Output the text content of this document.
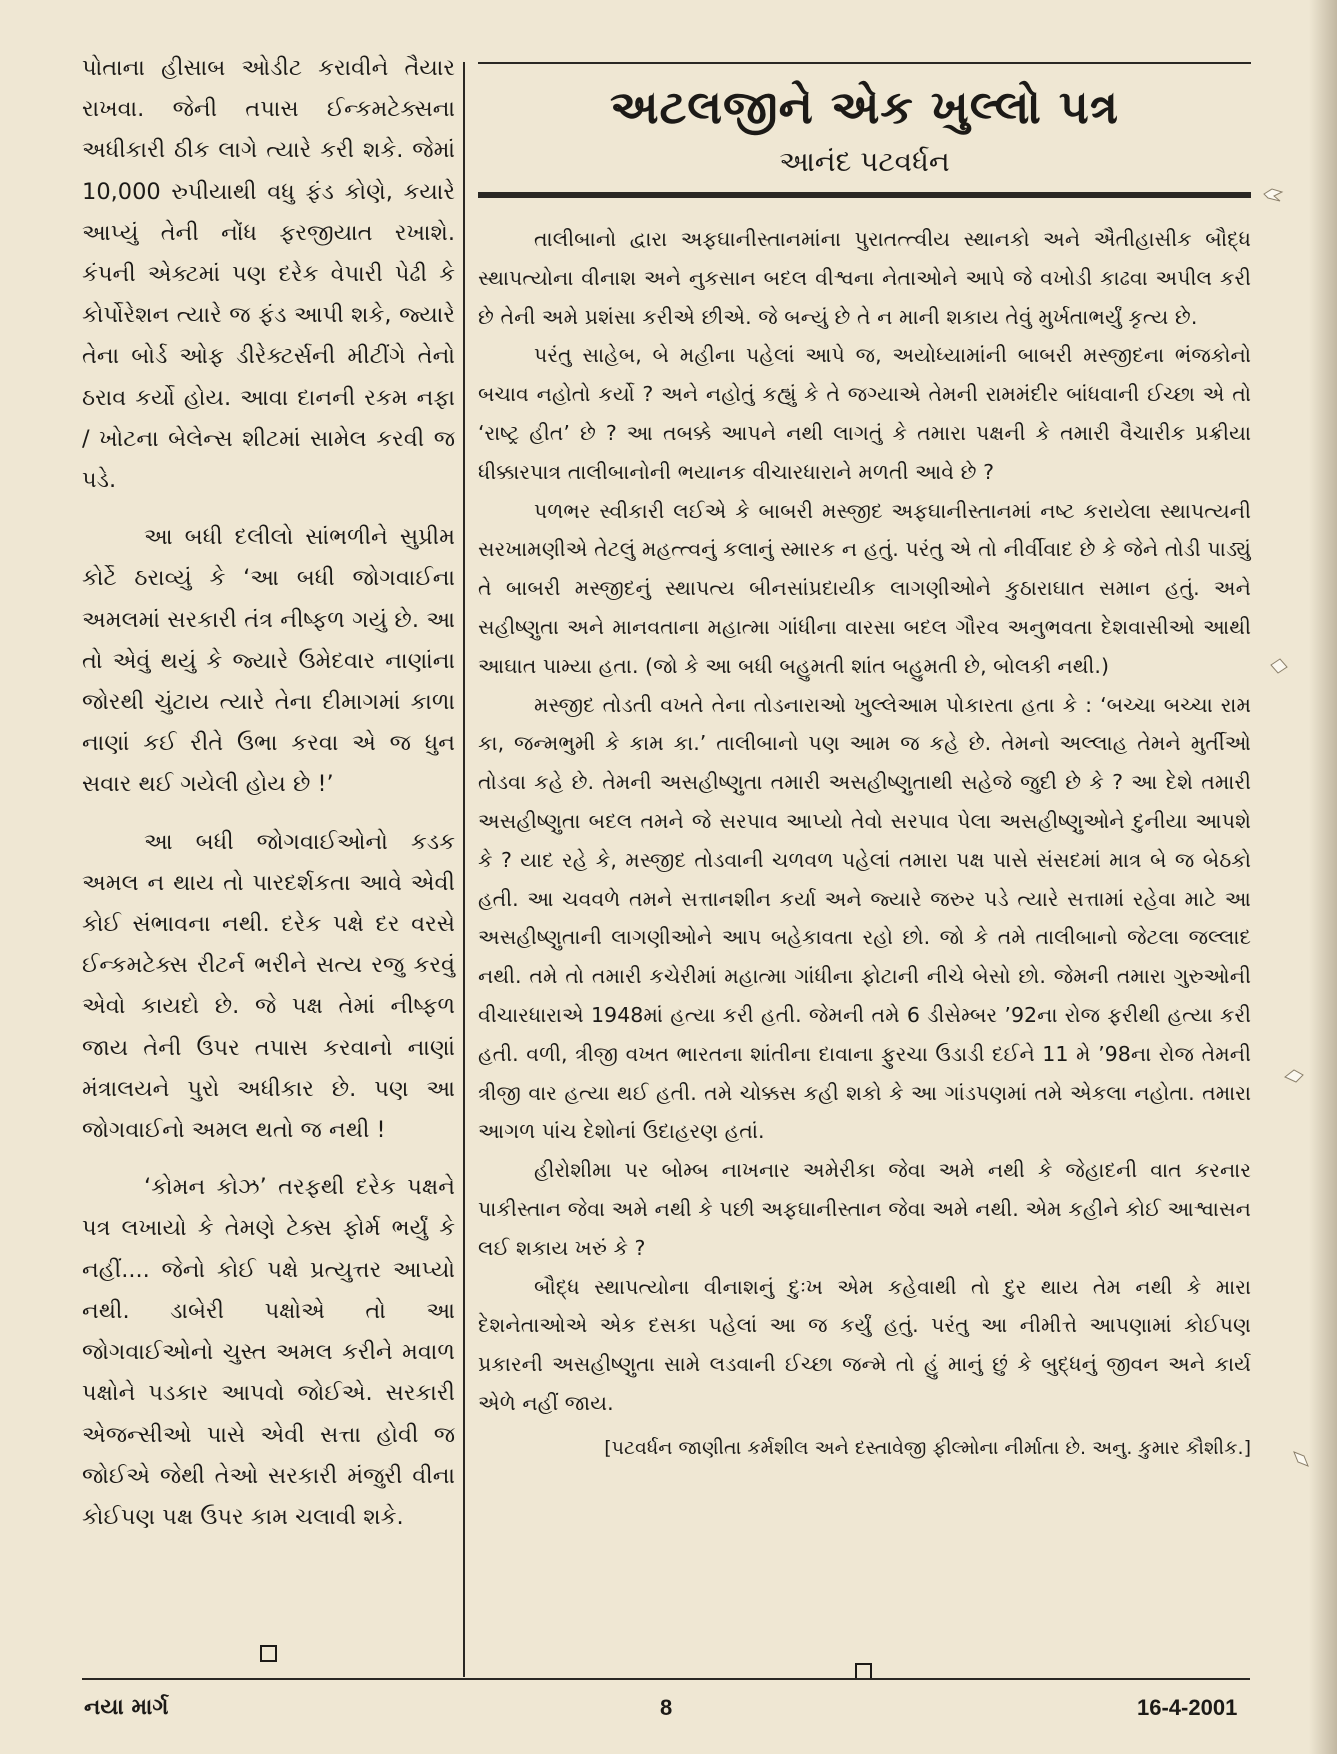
પોતાના હીસાબ ઓડીટ કરાવીને તૈયાર રાખવા. જેની તપાસ ઈન્કમટેક્સના અધીકારી ઠીક લાગે ત્યારે કરી શકે. જેમાં 10,000 રુપીયાથી વધુ ફંડ કોણે, કયારે આપ્યું તેની નોંધ ફરજીયાત રખાશે. કંપની એક્ટમાં પણ દરેક વેપારી પેઢી કે કોર્પોરેશન ત્યારે જ ફંડ આપી શકે, જ્યારે તેના બોર્ડ ઓફ ડીરેક્ટર્સની મીટીંગે તેનો ઠરાવ કર્યો હોય. આવા દાનની રકમ નફા / ખોટના બેલેન્સ શીટમાં સામેલ કરવી જ પડે.

આ બધી દલીલો સાંભળીને સુપ્રીમ કોર્ટે ઠરાવ્યું કે ‘આ બધી જોગવાઈના અમલમાં સરકારી તંત્ર નીષ્ફળ ગયું છે. આ તો એવું થયું કે જ્યારે ઉમેદવાર નાણાંના જોરથી ચુંટાય ત્યારે તેના દીમાગમાં કાળા નાણાં કઈ રીતે ઉભા કરવા એ જ ધુન સવાર થઈ ગયેલી હોય છે !’

આ બધી જોગવાઈઓનો કડક અમલ ન થાય તો પારદર્શકતા આવે એવી કોઈ સંભાવના નથી. દરેક પક્ષે દર વરસે ઈન્કમટેક્સ રીટર્ન ભરીને સત્ય રજુ કરવું એવો કાયદો છે. જે પક્ષ તેમાં નીષ્ફળ જાય તેની ઉપર તપાસ કરવાનો નાણાં મંત્રાલયને પુરો અધીકાર છે. પણ આ જોગવાઈનો અમલ થતો જ નથી !

‘કોમન કોઝ’ તરફથી દરેક પક્ષને પત્ર લખાયો કે તેમણે ટેક્સ ફોર્મ ભર્યું કે નહીં.... જેનો કોઈ પક્ષે પ્રત્યુત્તર આપ્યો નથી. ડાબેરી પક્ષોએ તો આ જોગવાઈઓનો ચુસ્ત અમલ કરીને મવાળ પક્ષોને પડકાર આપવો જોઈએ. સરકારી એજન્સીઓ પાસે એવી સત્તા હોવી જ જોઈએ જેથી તેઓ સરકારી મંજુરી વીના કોઈપણ પક્ષ ઉપર કામ ચલાવી શકે.

અટલજીને એક ખુલ્લો પત્ર
આનંદ પટવર્ધન

તાલીબાનો દ્વારા અફઘાનીસ્તાનમાંના પુરાતત્ત્વીય સ્થાનકો અને ઐતીહાસીક બૌદ્ધ સ્થાપત્યોના વીનાશ અને નુકસાન બદલ વીશ્વના નેતાઓને આપે જે વખોડી કાઢવા અપીલ કરી છે તેની અમે પ્રશંસા કરીએ છીએ. જે બન્યું છે તે ન માની શકાય તેવું મુર્ખતાભર્યું કૃત્ય છે.

પરંતુ સાહેબ, બે મહીના પહેલાં આપે જ, અયોધ્યામાંની બાબરી મસ્જીદના ભંજકોનો બચાવ નહોતો કર્યો ? અને નહોતું કહ્યું કે તે જગ્યાએ તેમની રામમંદીર બાંધવાની ઈચ્છા એ તો ‘રાષ્ટ્ર હીત’ છે ? આ તબક્કે આપને નથી લાગતું કે તમારા પક્ષની કે તમારી વૈચારીક પ્રક્રીયા ધીક્કારપાત્ર તાલીબાનોની ભયાનક વીચારધારાને મળતી આવે છે ?

પળભર સ્વીકારી લઈએ કે બાબરી મસ્જીદ અફઘાનીસ્તાનમાં નષ્ટ કરાયેલા સ્થાપત્યની સરખામણીએ તેટલું મહત્ત્વનું કલાનું સ્મારક ન હતું. પરંતુ એ તો નીર્વીવાદ છે કે જેને તોડી પાડ્યું તે બાબરી મસ્જીદનું સ્થાપત્ય બીનસાંપ્રદાયીક લાગણીઓને કુઠારાઘાત સમાન હતું. અને સહીષ્ણુતા અને માનવતાના મહાત્મા ગાંધીના વારસા બદલ ગૌરવ અનુભવતા દેશવાસીઓ આથી આઘાત પામ્યા હતા. (જો કે આ બધી બહુમતી શાંત બહુમતી છે, બોલકી નથી.)

મસ્જીદ તોડતી વખતે તેના તોડનારાઓ ખુલ્લેઆમ પોકારતા હતા કે : ‘બચ્ચા બચ્ચા રામ કા, જન્મભુમી કે કામ કા.’ તાલીબાનો પણ આમ જ કહે છે. તેમનો અલ્લાહ તેમને મુર્તીઓ તોડવા કહે છે. તેમની અસહીષ્ણુતા તમારી અસહીષ્ણુતાથી સહેજે જુદી છે કે ? આ દેશે તમારી અસહીષ્ણુતા બદલ તમને જે સરપાવ આપ્યો તેવો સરપાવ પેલા અસહીષ્ણુઓને દુનીયા આપશે કે ? યાદ રહે કે, મસ્જીદ તોડવાની ચળવળ પહેલાં તમારા પક્ષ પાસે સંસદમાં માત્ર બે જ બેઠકો હતી. આ ચવવળે તમને સત્તાનશીન કર્યા અને જ્યારે જરુર પડે ત્યારે સત્તામાં રહેવા માટે આ અસહીષ્ણુતાની લાગણીઓને આપ બહેકાવતા રહો છો. જો કે તમે તાલીબાનો જેટલા જલ્લાદ નથી. તમે તો તમારી કચેરીમાં મહાત્મા ગાંધીના ફોટાની નીચે બેસો છો. જેમની તમારા ગુરુઓની વીચારધારાએ 1948માં હત્યા કરી હતી. જેમની તમે 6 ડીસેમ્બર ’92ના રોજ ફરીથી હત્યા કરી હતી. વળી, ત્રીજી વખત ભારતના શાંતીના દાવાના ફુરચા ઉડાડી દઈને 11 મે ’98ના રોજ તેમની ત્રીજી વાર હત્યા થઈ હતી. તમે ચોક્કસ કહી શકો કે આ ગાંડપણમાં તમે એકલા નહોતા. તમારા આગળ પાંચ દેશોનાં ઉદાહરણ હતાં.

હીરોશીમા પર બોમ્બ નાખનાર અમેરીકા જેવા અમે નથી કે જેહાદની વાત કરનાર પાકીસ્તાન જેવા અમે નથી કે પછી અફઘાનીસ્તાન જેવા અમે નથી. એમ કહીને કોઈ આશ્વાસન લઈ શકાય ખરું કે ?

બૌદ્ધ સ્થાપત્યોના વીનાશનું દુઃખ એમ કહેવાથી તો દુર થાય તેમ નથી કે મારા દેશનેતાઓએ એક દસકા પહેલાં આ જ કર્યું હતું. પરંતુ આ નીમીત્તે આપણામાં કોઈપણ પ્રકારની અસહીષ્ણુતા સામે લડવાની ઈચ્છા જન્મે તો હું માનું છું કે બુદ્ધનું જીવન અને કાર્ય એળે નહીં જાય.

[પટવર્ધન જાણીતા કર્મશીલ અને દસ્તાવેજી ફીલ્મોના નીર્માતા છે. અનુ. કુમાર કૌશીક.]
નયા માર્ગ	8	16-4-2001
